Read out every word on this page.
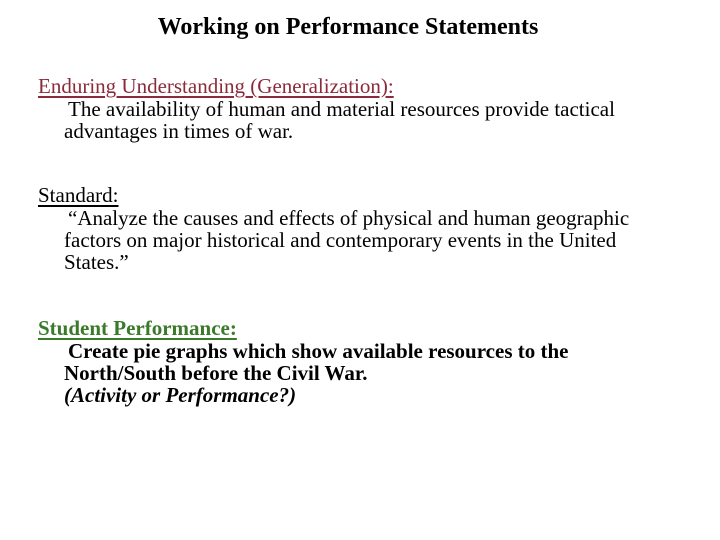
Working on Performance Statements

Enduring Understanding (Generalization):

The availability of human and material resources provide tactical advantages in times of war.

Standard:

“Analyze the causes and effects of physical and human geographic factors on major historical and contemporary events in the United States.”

Student Performance:

Create pie graphs which show available resources to the North/South before the Civil War.

(Activity or Performance?)
